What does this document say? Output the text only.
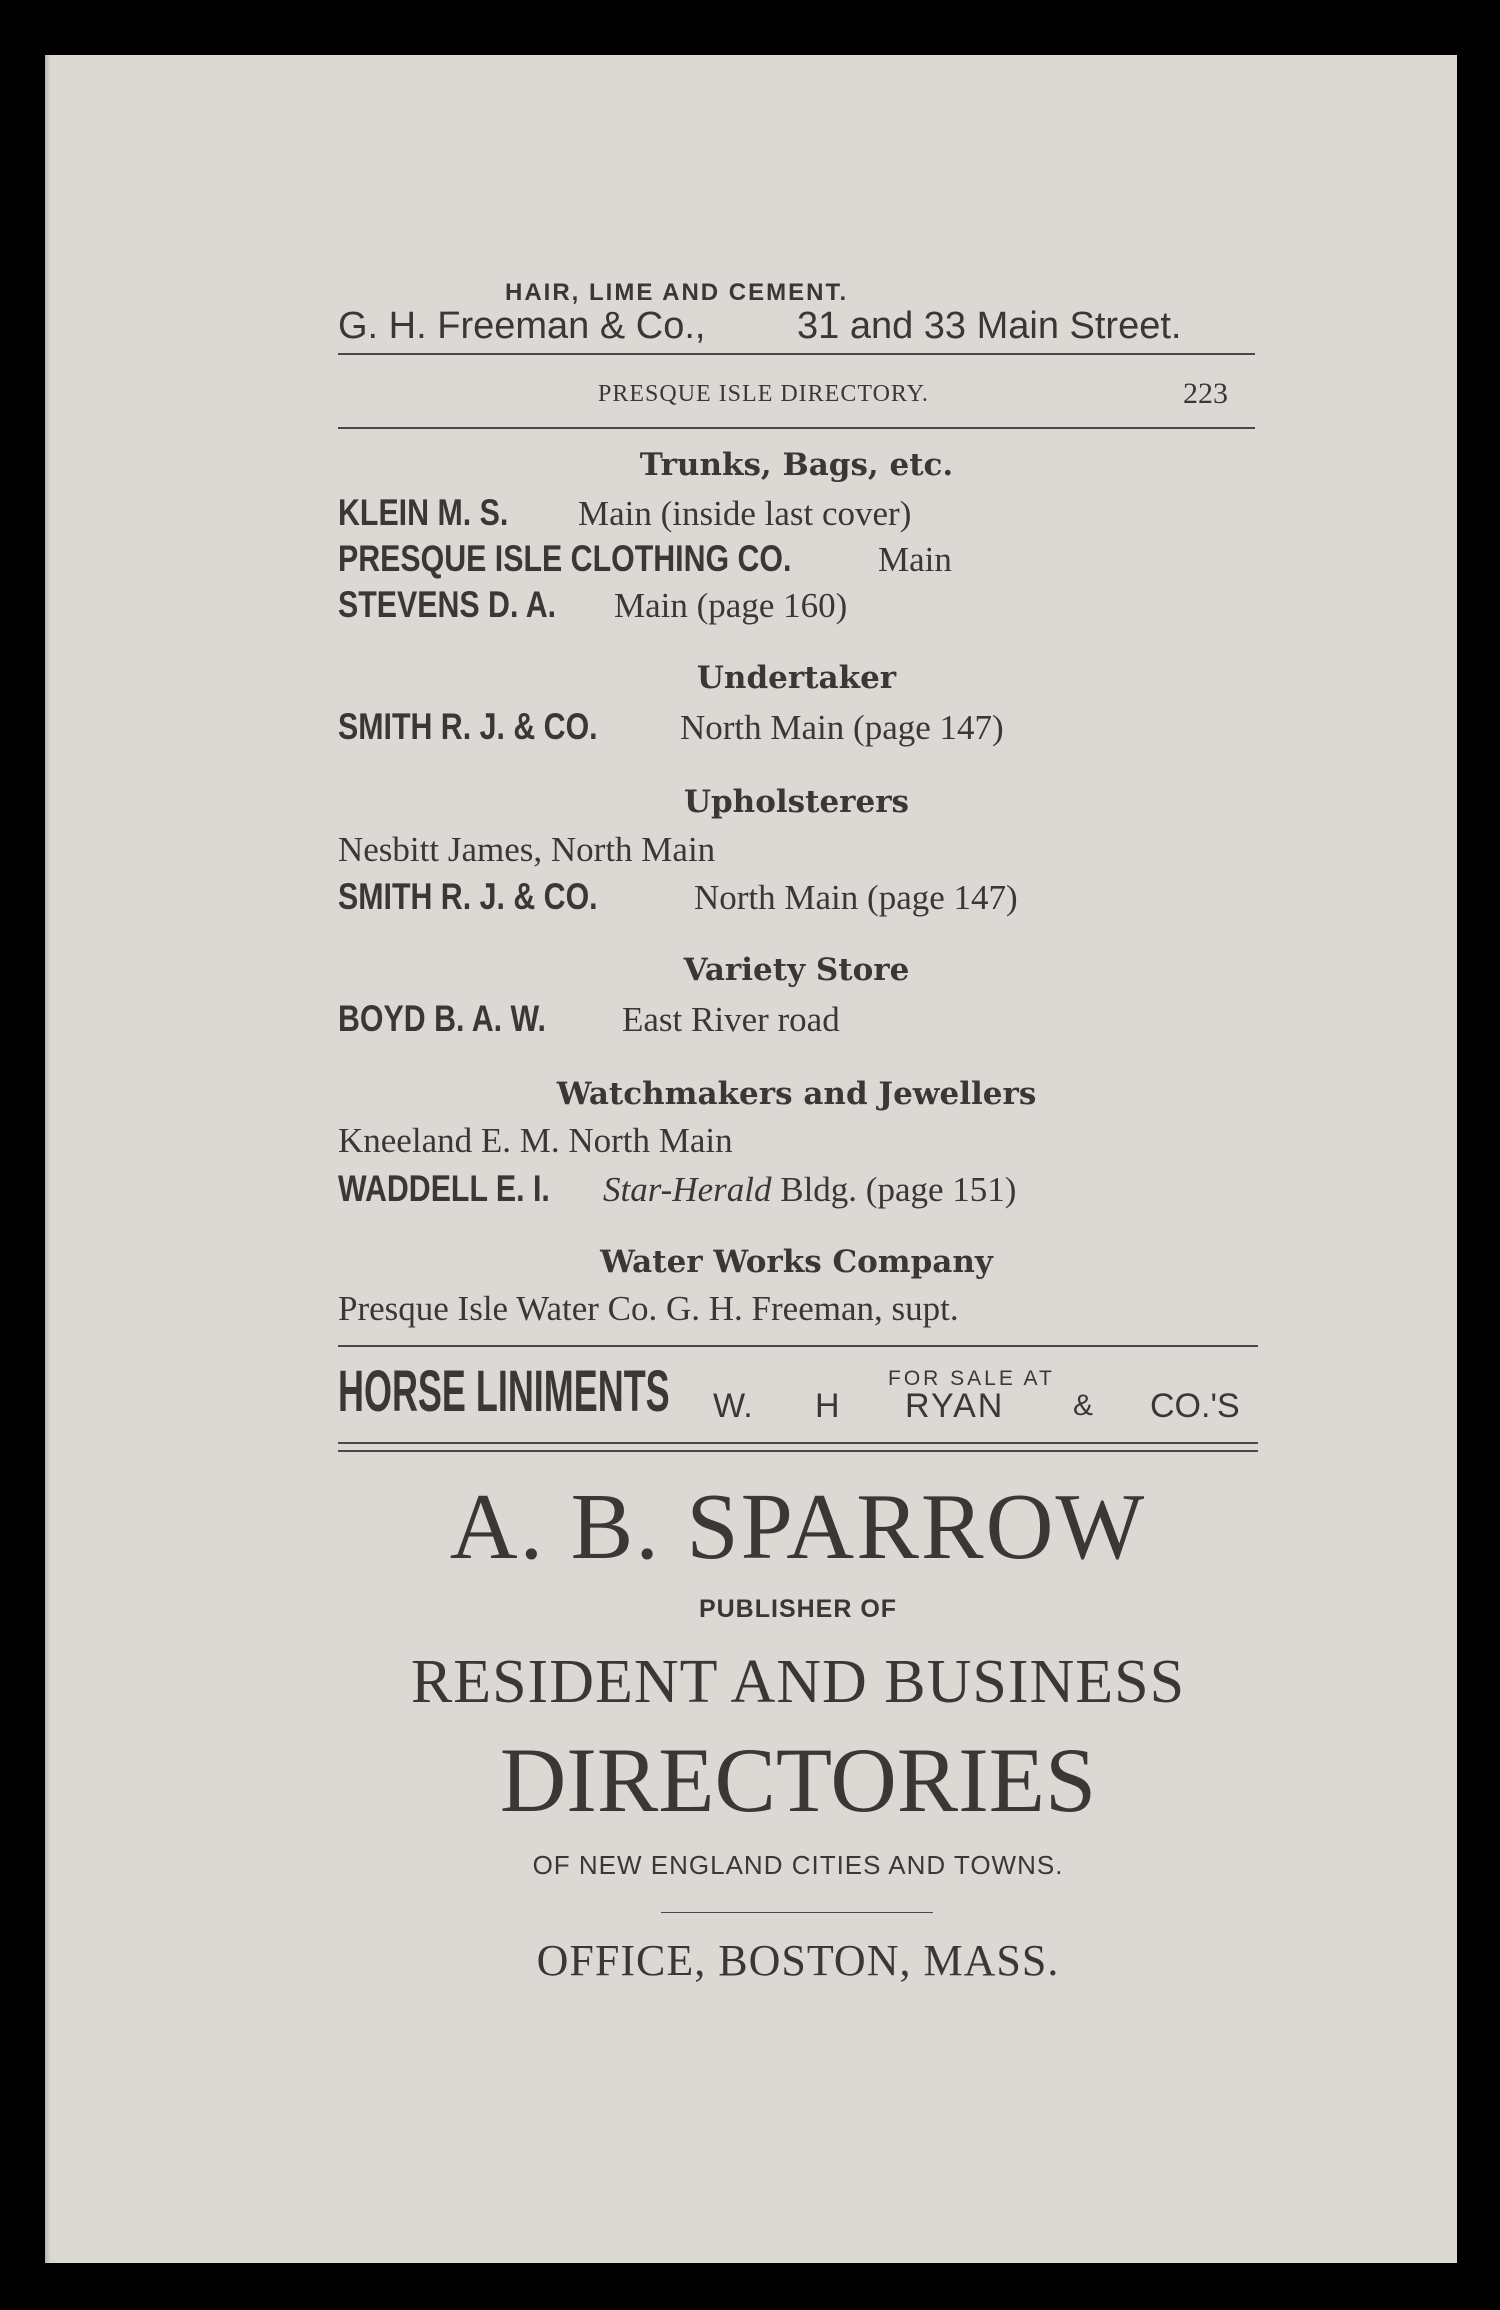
HAIR, LIME AND CEMENT.
G. H. Freeman & Co., 31 and 33 Main Street.
PRESQUE ISLE DIRECTORY.	223
Trunks, Bags, etc.
KLEIN M. S. Main (inside last cover)
PRESQUE ISLE CLOTHING CO. Main
STEVENS D. A. Main (page 160)
Undertaker
SMITH R. J. & CO. North Main (page 147)
Upholsterers
Nesbitt James, North Main
SMITH R. J. & CO.	North Main (page 147)
Variety Store
BOYD B. A. W. East River road
Watchmakers and Jewellers
Kneeland E. M. North Main
WADDELL E. I. Star-Herald Bldg. (page 151)
Water Works Company
Presque Isle Water Co. G. H. Freeman, supt.
HORSE LINIMENTS	FOR SALE AT
W. H RYAN & CO.'S
A. B. SPARROW
PUBLISHER OF
RESIDENT AND BUSINESS
DIRECTORIES
OF NEW ENGLAND CITIES AND TOWNS.
OFFICE, BOSTON, MASS.
